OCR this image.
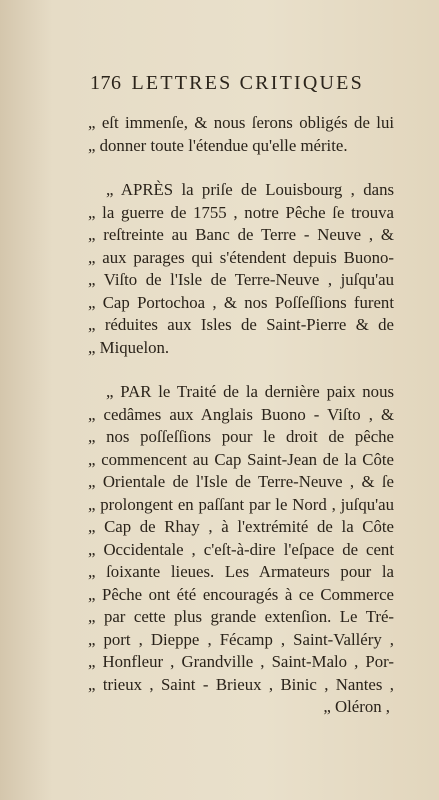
176 LETTRES CRITIQUES
„ eſt immenſe, & nous ſerons obligés de lui
„ donner toute l'étendue qu'elle mérite.
„ APRÈS la priſe de Louisbourg , dans
„ la guerre de 1755 , notre Pêche ſe trouva
„ reſtreinte au Banc de Terre - Neuve , &
„ aux parages qui s'étendent depuis Buono-
„ Viſto de l'Isle de Terre-Neuve , juſqu'au
„ Cap Portochoa , & nos Poſſeſſions furent
„ réduites aux Isles de Saint-Pierre & de
„ Miquelon.
„ PAR le Traité de la dernière paix nous
„ cedâmes aux Anglais Buono - Viſto , &
„ nos poſſeſſions pour le droit de pêche
„ commencent au Cap Saint-Jean de la Côte
„ Orientale de l'Isle de Terre-Neuve , & ſe
„ prolongent en paſſant par le Nord , juſqu'au
„ Cap de Rhay , à l'extrémité de la Côte
„ Occidentale , c'eſt-à-dire l'eſpace de cent
„ ſoixante lieues. Les Armateurs pour la
„ Pêche ont été encouragés à ce Commerce
„ par cette plus grande extenſion. Le Tré-
„ port , Dieppe , Fécamp , Saint-Valléry ,
„ Honfleur , Grandville , Saint-Malo , Por-
„ trieux , Saint - Brieux , Binic , Nantes ,
„ Oléron ,
